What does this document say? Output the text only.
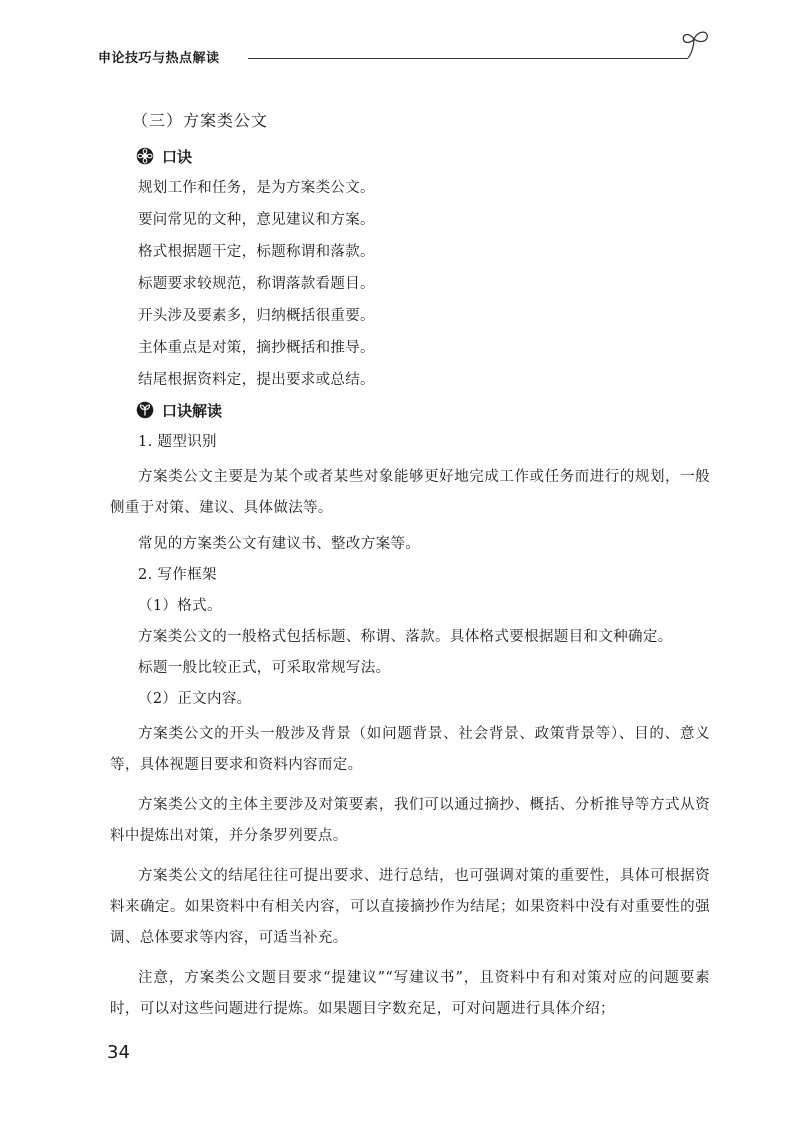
申论技巧与热点解读
（三）方案类公文
口诀

规划工作和任务，是为方案类公文。

要问常见的文种，意见建议和方案。

格式根据题干定，标题称谓和落款。

标题要求较规范，称谓落款看题目。

开头涉及要素多，归纳概括很重要。

主体重点是对策，摘抄概括和推导。

结尾根据资料定，提出要求或总结。

口诀解读

1. 题型识别

方案类公文主要是为某个或者某些对象能够更好地完成工作或任务而进行的规划，一般侧重于对策、建议、具体做法等。

常见的方案类公文有建议书、整改方案等。

2. 写作框架

（1）格式。

方案类公文的一般格式包括标题、称谓、落款。具体格式要根据题目和文种确定。

标题一般比较正式，可采取常规写法。

（2）正文内容。

方案类公文的开头一般涉及背景（如问题背景、社会背景、政策背景等）、目的、意义等，具体视题目要求和资料内容而定。

方案类公文的主体主要涉及对策要素，我们可以通过摘抄、概括、分析推导等方式从资料中提炼出对策，并分条罗列要点。

方案类公文的结尾往往可提出要求、进行总结，也可强调对策的重要性，具体可根据资料来确定。如果资料中有相关内容，可以直接摘抄作为结尾；如果资料中没有对重要性的强调、总体要求等内容，可适当补充。

注意，方案类公文题目要求“提建议”“写建议书”，且资料中有和对策对应的问题要素时，可以对这些问题进行提炼。如果题目字数充足，可对问题进行具体介绍；

34
